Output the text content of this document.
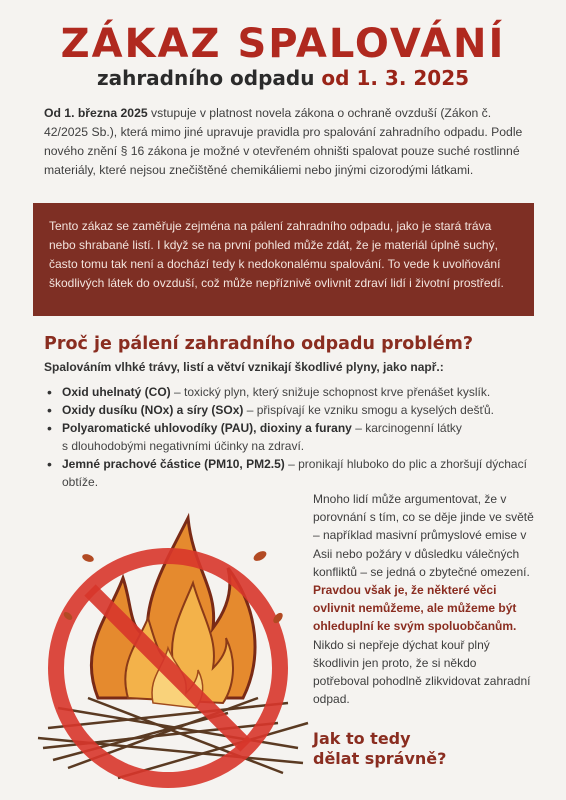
ZÁKAZ SPALOVÁNÍ
zahradního odpadu od 1. 3. 2025
Od 1. března 2025 vstupuje v platnost novela zákona o ochraně ovzduší (Zákon č. 42/2025 Sb.), která mimo jiné upravuje pravidla pro spalování zahradního odpadu. Podle nového znění § 16 zákona je možné v otevřeném ohništi spalovat pouze suché rostlinné materiály, které nejsou znečištěné chemikáliemi nebo jinými cizorodými látkami.

Tento zákaz se zaměřuje zejména na pálení zahradního odpadu, jako je stará tráva nebo shrabané listí. I když se na první pohled může zdát, že je materiál úplně suchý, často tomu tak není a dochází tedy k nedokonalému spalování. To vede k uvolňování škodlivých látek do ovzduší, což může nepříznivě ovlivnit zdraví lidí i životní prostředí.

Proč je pálení zahradního odpadu problém?
Spalováním vlhké trávy, listí a větví vznikají škodlivé plyny, jako např.:
• Oxid uhelnatý (CO) – toxický plyn, který snižuje schopnost krve přenášet kyslík.
• Oxidy dusíku (NOx) a síry (SOx) – přispívají ke vzniku smogu a kyselých dešťů.
• Polyaromatické uhlovodíky (PAU), dioxiny a furany – karcinogenní látky
s dlouhodobými negativními účinky na zdraví.
• Jemné prachové částice (PM10, PM2.5) – pronikají hluboko do plic a zhoršují dýchací obtíže.
Mnoho lidí může argumentovat, že v porovnání s tím, co se děje jinde ve světě – například masivní průmyslové emise v Asii nebo požáry v důsledku válečných konfliktů – se jedná o zbytečné omezení. Pravdou však je, že některé věci ovlivnit nemůžeme, ale můžeme být ohleduplní ke svým spoluobčanům. Nikdo si nepřeje dýchat kouř plný škodlivin jen proto, že si někdo potřeboval pohodlně zlikvidovat zahradní odpad.
Jak to tedy
dělat správně?
